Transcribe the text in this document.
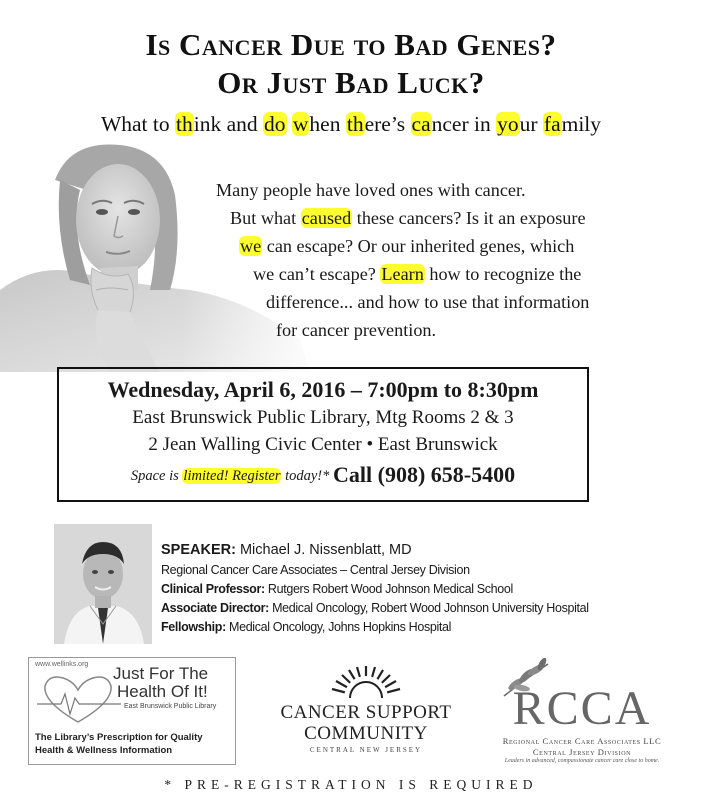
Is Cancer Due to Bad Genes?
Or Just Bad Luck?
What to think and do when there’s cancer in your family
Many people have loved ones with cancer.
But what caused these cancers? Is it an exposure
we can escape? Or our inherited genes, which
we can’t escape? Learn how to recognize the
difference... and how to use that information
for cancer prevention.
Wednesday, April 6, 2016 – 7:00pm to 8:30pm
East Brunswick Public Library, Mtg Rooms 2 & 3
2 Jean Walling Civic Center • East Brunswick
Space is limited! Register today!* Call (908) 658-5400
SPEAKER: Michael J. Nissenblatt, MD
Regional Cancer Care Associates – Central Jersey Division
Clinical Professor: Rutgers Robert Wood Johnson Medical School
Associate Director: Medical Oncology, Robert Wood Johnson University Hospital
Fellowship: Medical Oncology, Johns Hopkins Hospital
www.wellinks.org Just For The
Health Of It!
East Brunswick Public Library
The Library’s Prescription for Quality
Health & Wellness Information
CANCER SUPPORT
COMMUNITY
CENTRAL NEW JERSEY
RCCA
Regional Cancer Care Associates LLC
Central Jersey Division
Leaders in advanced, compassionate cancer care close to home.
* PRE-REGISTRATION IS REQUIRED
